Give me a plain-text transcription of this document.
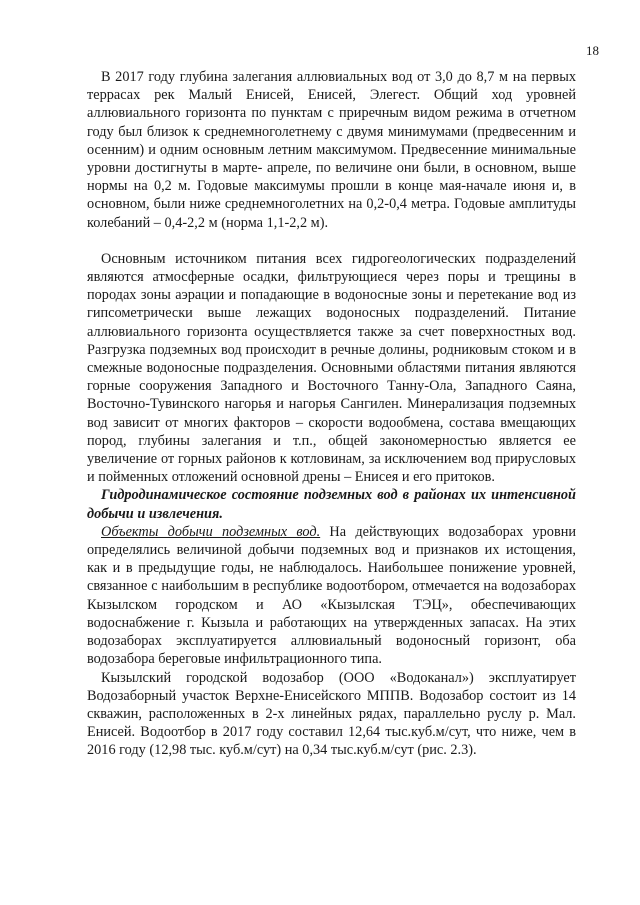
18

В 2017 году глубина залегания аллювиальных вод от 3,0 до 8,7 м на первых террасах рек Малый Енисей, Енисей, Элегест. Общий ход уровней аллювиального горизонта по пунктам с приречным видом режима в отчетном году был близок к среднемноголетнему с двумя минимумами (предвесенним и осенним) и одним основным летним максимумом. Предвесенние минимальные уровни достигнуты в марте- апреле, по величине они были, в основном, выше нормы на 0,2 м. Годовые максимумы прошли в конце мая-начале июня и, в основном, были ниже среднемноголетних на 0,2-0,4 метра. Годовые амплитуды колебаний – 0,4-2,2 м (норма 1,1-2,2 м).

Основным источником питания всех гидрогеологических подразделений являются атмосферные осадки, фильтрующиеся через поры и трещины в породах зоны аэрации и попадающие в водоносные зоны и перетекание вод из гипсометрически выше лежащих водоносных подразделений. Питание аллювиального горизонта осуществляется также за счет поверхностных вод. Разгрузка подземных вод происходит в речные долины, родниковым стоком и в смежные водоносные подразделения. Основными областями питания являются горные сооружения Западного и Восточного Танну-Ола, Западного Саяна, Восточно-Тувинского нагорья и нагорья Сангилен. Минерализация подземных вод зависит от многих факторов – скорости водообмена, состава вмещающих пород, глубины залегания и т.п., общей закономерностью является ее увеличение от горных районов к котловинам, за исключением вод прирусловых и пойменных отложений основной дрены – Енисея и его притоков.

Гидродинамическое состояние подземных вод в районах их интенсивной добычи и извлечения.

Объекты добычи подземных вод. На действующих водозаборах уровни определялись величиной добычи подземных вод и признаков их истощения, как и в предыдущие годы, не наблюдалось. Наибольшее понижение уровней, связанное с наибольшим в республике водоотбором, отмечается на водозаборах Кызылском городском и АО «Кызылская ТЭЦ», обеспечивающих водоснабжение г. Кызыла и работающих на утвержденных запасах. На этих водозаборах эксплуатируется аллювиальный водоносный горизонт, оба водозабора береговые инфильтрационного типа.

Кызылский городской водозабор (ООО «Водоканал») эксплуатирует Водозаборный участок Верхне-Енисейского МППВ. Водозабор состоит из 14 скважин, расположенных в 2-х линейных рядах, параллельно руслу р. Мал. Енисей. Водоотбор в 2017 году составил 12,64 тыс.куб.м/сут, что ниже, чем в 2016 году (12,98 тыс. куб.м/сут) на 0,34 тыс.куб.м/сут (рис. 2.3).
